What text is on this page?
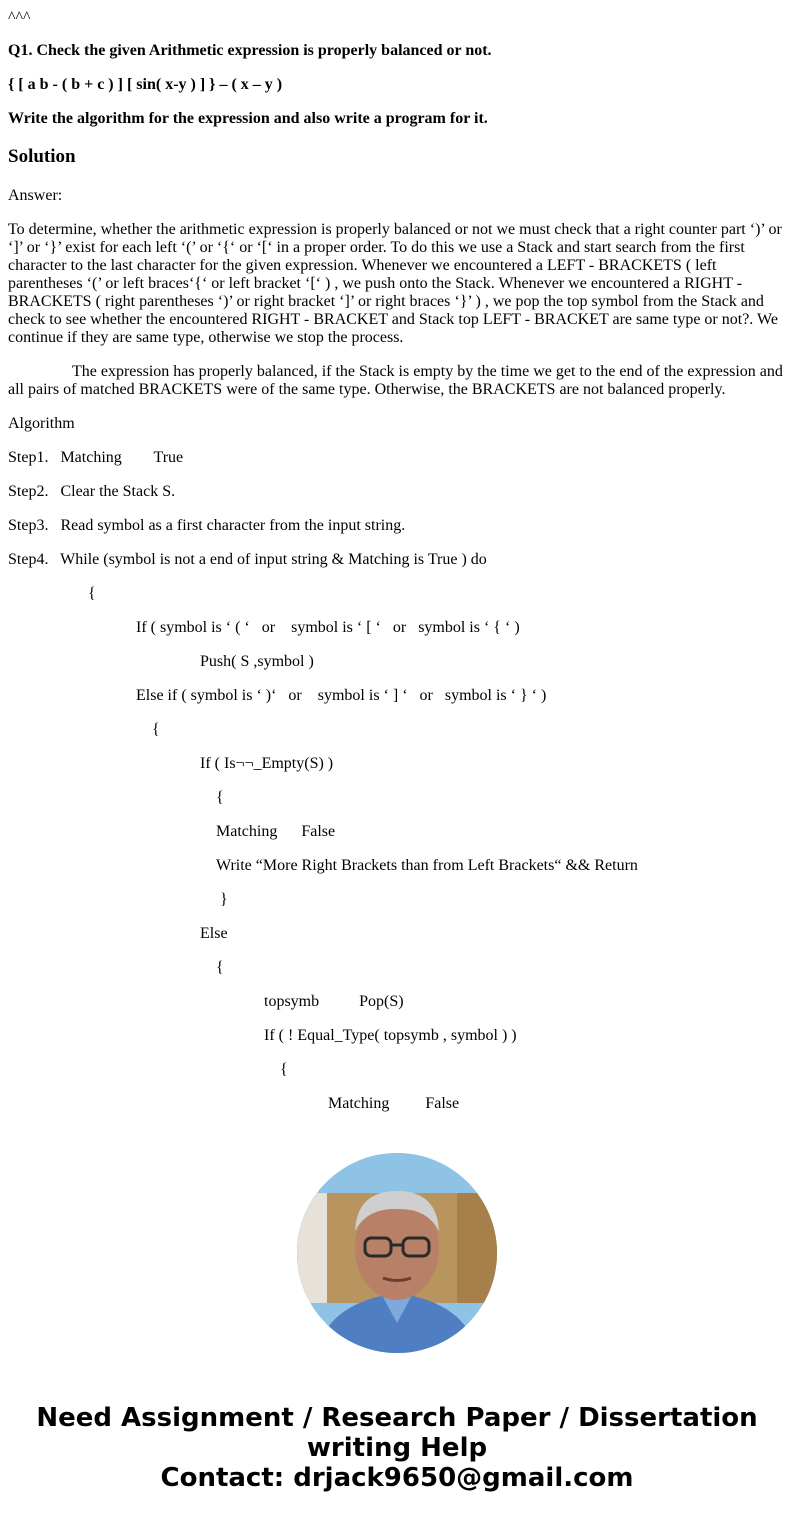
^^^
Q1. Check the given Arithmetic expression is properly balanced or not.
{ [ a b - ( b + c ) ] [ sin( x-y ) ] } – ( x – y )
Write the algorithm for the expression and also write a program for it.
Solution
Answer:
To determine, whether the arithmetic expression is properly balanced or not we must check that a right counter part ‘)’ or ‘]’ or ‘}’ exist for each left ‘(’ or ‘{‘ or ‘[‘ in a proper order. To do this we use a Stack and start search from the first character to the last character for the given expression. Whenever we encountered a LEFT - BRACKETS ( left parentheses ‘(’ or left braces‘{‘ or left bracket ‘[‘ ) , we push onto the Stack. Whenever we encountered a RIGHT - BRACKETS ( right parentheses ‘)’ or right bracket ‘]’ or right braces ‘}’ ) , we pop the top symbol from the Stack and check to see whether the encountered RIGHT - BRACKET and Stack top LEFT - BRACKET are same type or not?. We continue if they are same type, otherwise we stop the process.
The expression has properly balanced, if the Stack is empty by the time we get to the end of the expression and all pairs of matched BRACKETS were of the same type. Otherwise, the BRACKETS are not balanced properly.
Algorithm
Step1.   Matching        True
Step2.   Clear the Stack S.
Step3.   Read symbol as a first character from the input string.
Step4.   While (symbol is not a end of input string & Matching is True ) do
{
If ( symbol is ‘ ( ‘   or    symbol is ‘ [ ‘   or   symbol is ‘ { ‘ )
Push( S ,symbol )
Else if ( symbol is ‘ )‘   or    symbol is ‘ ] ‘   or   symbol is ‘ } ‘ )
{
If ( Is¬¬_Empty(S) )
{
Matching      False
Write “More Right Brackets than from Left Brackets“ && Return
}
Else
{
topsymb          Pop(S)
If ( ! Equal_Type( topsymb , symbol ) )
{
Matching         False
Need Assignment / Research Paper / Dissertation
writing Help
Contact: drjack9650@gmail.com
